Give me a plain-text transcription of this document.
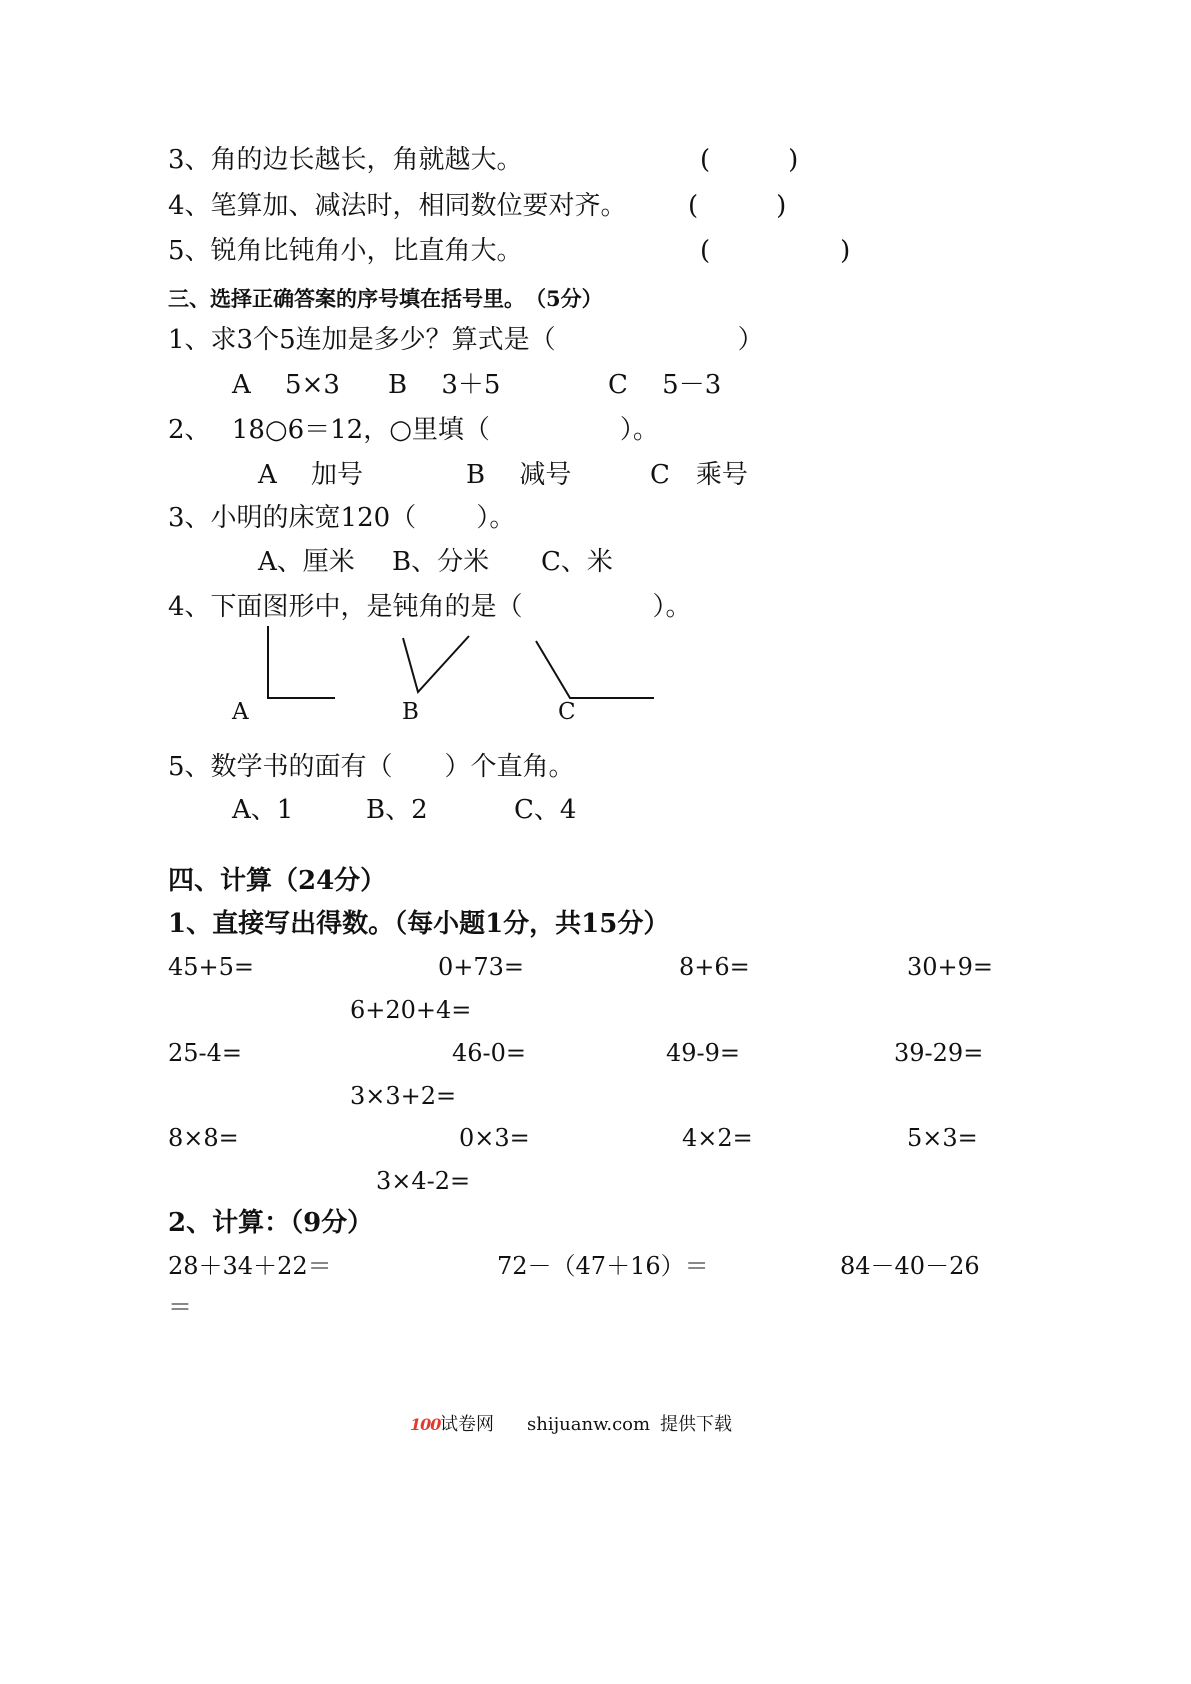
3、角的边长越长，角就越大。	(　　　)
4、笔算加、减法时，相同数位要对齐。 (　　　)
5、锐角比钝角小，比直角大。	(　　　　　)
三、选择正确答案的序号填在括号里。　（5分）
1、求3个5连加是多少？算式是（　　　　　　　）
A　 5×3 B　 3＋5	C　 5－3
2、　 18○6＝12，○里填（　　　　　）。
A　 加号	B　 减号	C　乘号
3、小明的床宽120（　　 ）。
A、厘米 B、分米 C、米
4、下面图形中，是钝角的是（　　　　　）。
A	B	C
5、数学书的面有（　　）个直角。
A、1	B、2	C、4
四、计算（24分）
1、直接写出得数。（每小题1分，共15分）
45+5=	0+73=	8+6=	30+9=
6+20+4=
25-4=	46-0=	49-9=	39-29=
3×3+2=
8×8=	0×3=	4×2=	5×3=
3×4-2=
2、计算：（9分）
28＋34＋22＝	72－（47＋16）＝	84－40－26
＝
100 试卷网 shijuanw.com 提供下载
